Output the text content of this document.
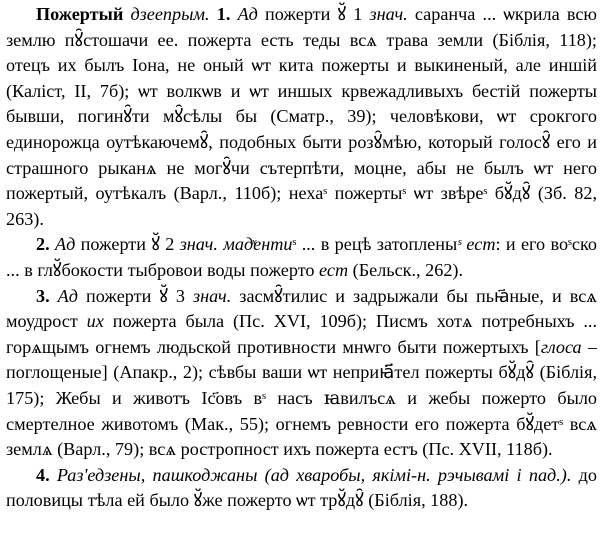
Пожертый дзеепрым. 1. Ад пожерти ꙋ̆ 1 знач. саранча ... ѡкрила всю землю пꙋ̑стошачи ее. пожерта есть теды всѧ трава земли (Біблія, 118); отецъ их былъ Iона, не оный ѡт кита пожерты и выкиненый, але иншій (Каліст, II, 7б); ѡт волкѡв и ѡт иншых крвежадливыхъ бестій пожерты бывши, погинꙋ̑ти мꙋ̑сѣлы бы (Сматр., 39); человѣкови, ѡт срокгого единорожца оутѣкаючемꙋ̑, подобных быти розꙋ̑мѣю, который голосꙋ̑ его и страшного рыканѧ не могꙋ̑чи сътерпѣти, моцне, абы не былъ ѡт него пожертый, оутѣкалъ (Варл., 110б); нехаˢ пожертыˢ ѡт звѣреˢ бꙋ̆дꙋ̑ (Зб. 82, 263).

2. Ад пожерти ꙋ̆ 2 знач. мадͯентиˢ ... в рецѣ затопленыˢ ест: и его воˢско ... в глꙋ̆бокости тыбровои воды пожерто ест (Бельск., 262).

3. Ад пожерти ꙋ̆ 3 знач. засмꙋ̑тилис и задрыжали бы пьꙗ҃ные, и всѧ моудрост их пожерта была (Пс. XVI, 109б); Писмъ хотѧ потребныхъ ... горѧщымъ огнемъ людьской противности мнѡго быти пожертыхъ [глоса – поглощеные] (Апакр., 2); сѣвбы ваши ѡт неприꙗ҃тел пожерты бꙋ̆дꙋ̑ (Біблія, 175); Жебы и животъ Iс҃овъ вˢ насъ ꙗвилъсѧ и жебы пожерто было смертелное животомъ (Мак., 55); огнемъ ревности его пожерта бꙋ̆детˢ всѧ землѧ (Варл., 79); всѧ ростропност ихъ пожерта естъ (Пс. XVII, 118б).

4. Раз'едзены, пашкоджаны (ад хваробы, якімі-н. рэчывамі і пад.). до половицы тѣла ей было ꙋ̆же пожерто ѡт трꙋ̆дꙋ̑ (Біблія, 188).
